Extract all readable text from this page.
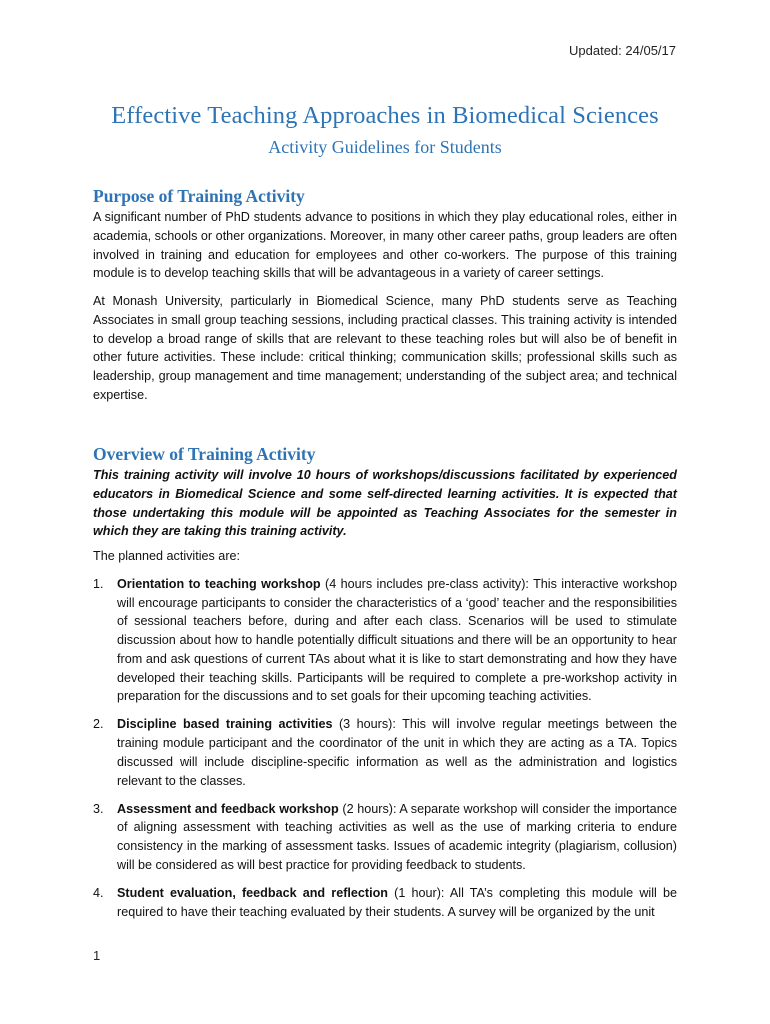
Updated: 24/05/17
Effective Teaching Approaches in Biomedical Sciences
Activity Guidelines for Students
Purpose of Training Activity
A significant number of PhD students advance to positions in which they play educational roles, either in academia, schools or other organizations. Moreover, in many other career paths, group leaders are often involved in training and education for employees and other co-workers. The purpose of this training module is to develop teaching skills that will be advantageous in a variety of career settings.
At Monash University, particularly in Biomedical Science, many PhD students serve as Teaching Associates in small group teaching sessions, including practical classes. This training activity is intended to develop a broad range of skills that are relevant to these teaching roles but will also be of benefit in other future activities. These include: critical thinking; communication skills; professional skills such as leadership, group management and time management; understanding of the subject area; and technical expertise.
Overview of Training Activity
This training activity will involve 10 hours of workshops/discussions facilitated by experienced educators in Biomedical Science and some self-directed learning activities. It is expected that those undertaking this module will be appointed as Teaching Associates for the semester in which they are taking this training activity.
The planned activities are:
1. Orientation to teaching workshop (4 hours includes pre-class activity): This interactive workshop will encourage participants to consider the characteristics of a ‘good’ teacher and the responsibilities of sessional teachers before, during and after each class. Scenarios will be used to stimulate discussion about how to handle potentially difficult situations and there will be an opportunity to hear from and ask questions of current TAs about what it is like to start demonstrating and how they have developed their teaching skills. Participants will be required to complete a pre-workshop activity in preparation for the discussions and to set goals for their upcoming teaching activities.
2. Discipline based training activities (3 hours): This will involve regular meetings between the training module participant and the coordinator of the unit in which they are acting as a TA. Topics discussed will include discipline-specific information as well as the administration and logistics relevant to the classes.
3. Assessment and feedback workshop (2 hours): A separate workshop will consider the importance of aligning assessment with teaching activities as well as the use of marking criteria to endure consistency in the marking of assessment tasks. Issues of academic integrity (plagiarism, collusion) will be considered as will best practice for providing feedback to students.
4. Student evaluation, feedback and reflection (1 hour): All TA’s completing this module will be required to have their teaching evaluated by their students. A survey will be organized by the unit
1
